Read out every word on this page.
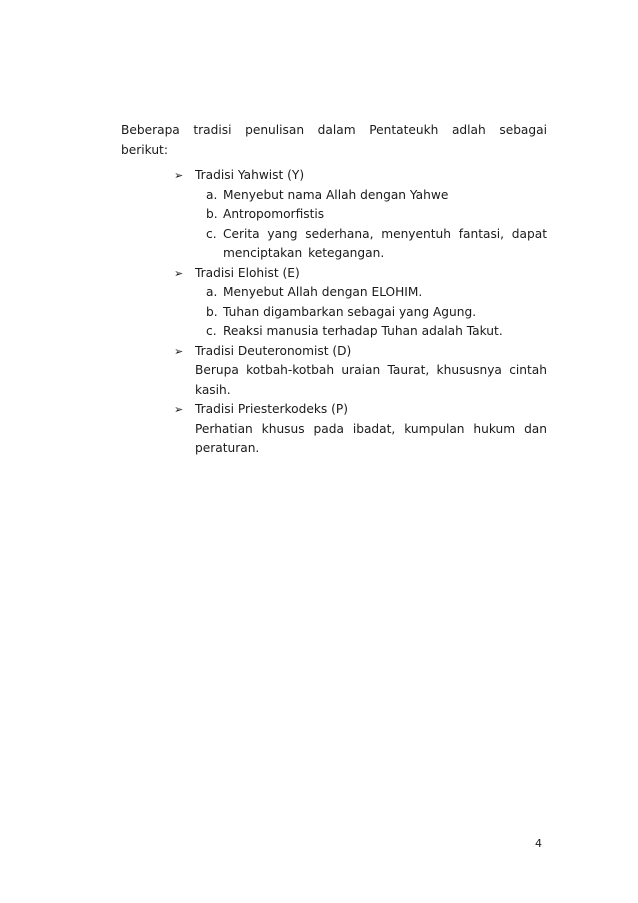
Beberapa tradisi penulisan dalam Pentateukh adlah sebagai berikut:

➢ Tradisi Yahwist (Y)
a. Menyebut nama Allah dengan Yahwe
b. Antropomorfistis
c. Cerita yang sederhana, menyentuh fantasi, dapat menciptakan ketegangan.
➢ Tradisi Elohist (E)
a. Menyebut Allah dengan ELOHIM.
b. Tuhan digambarkan sebagai yang Agung.
c. Reaksi manusia terhadap Tuhan adalah Takut.
➢ Tradisi Deuteronomist (D)

Berupa kotbah-kotbah uraian Taurat, khususnya cintah kasih.

➢ Tradisi Priesterkodeks (P)

Perhatian khusus pada ibadat, kumpulan hukum dan peraturan.

4
